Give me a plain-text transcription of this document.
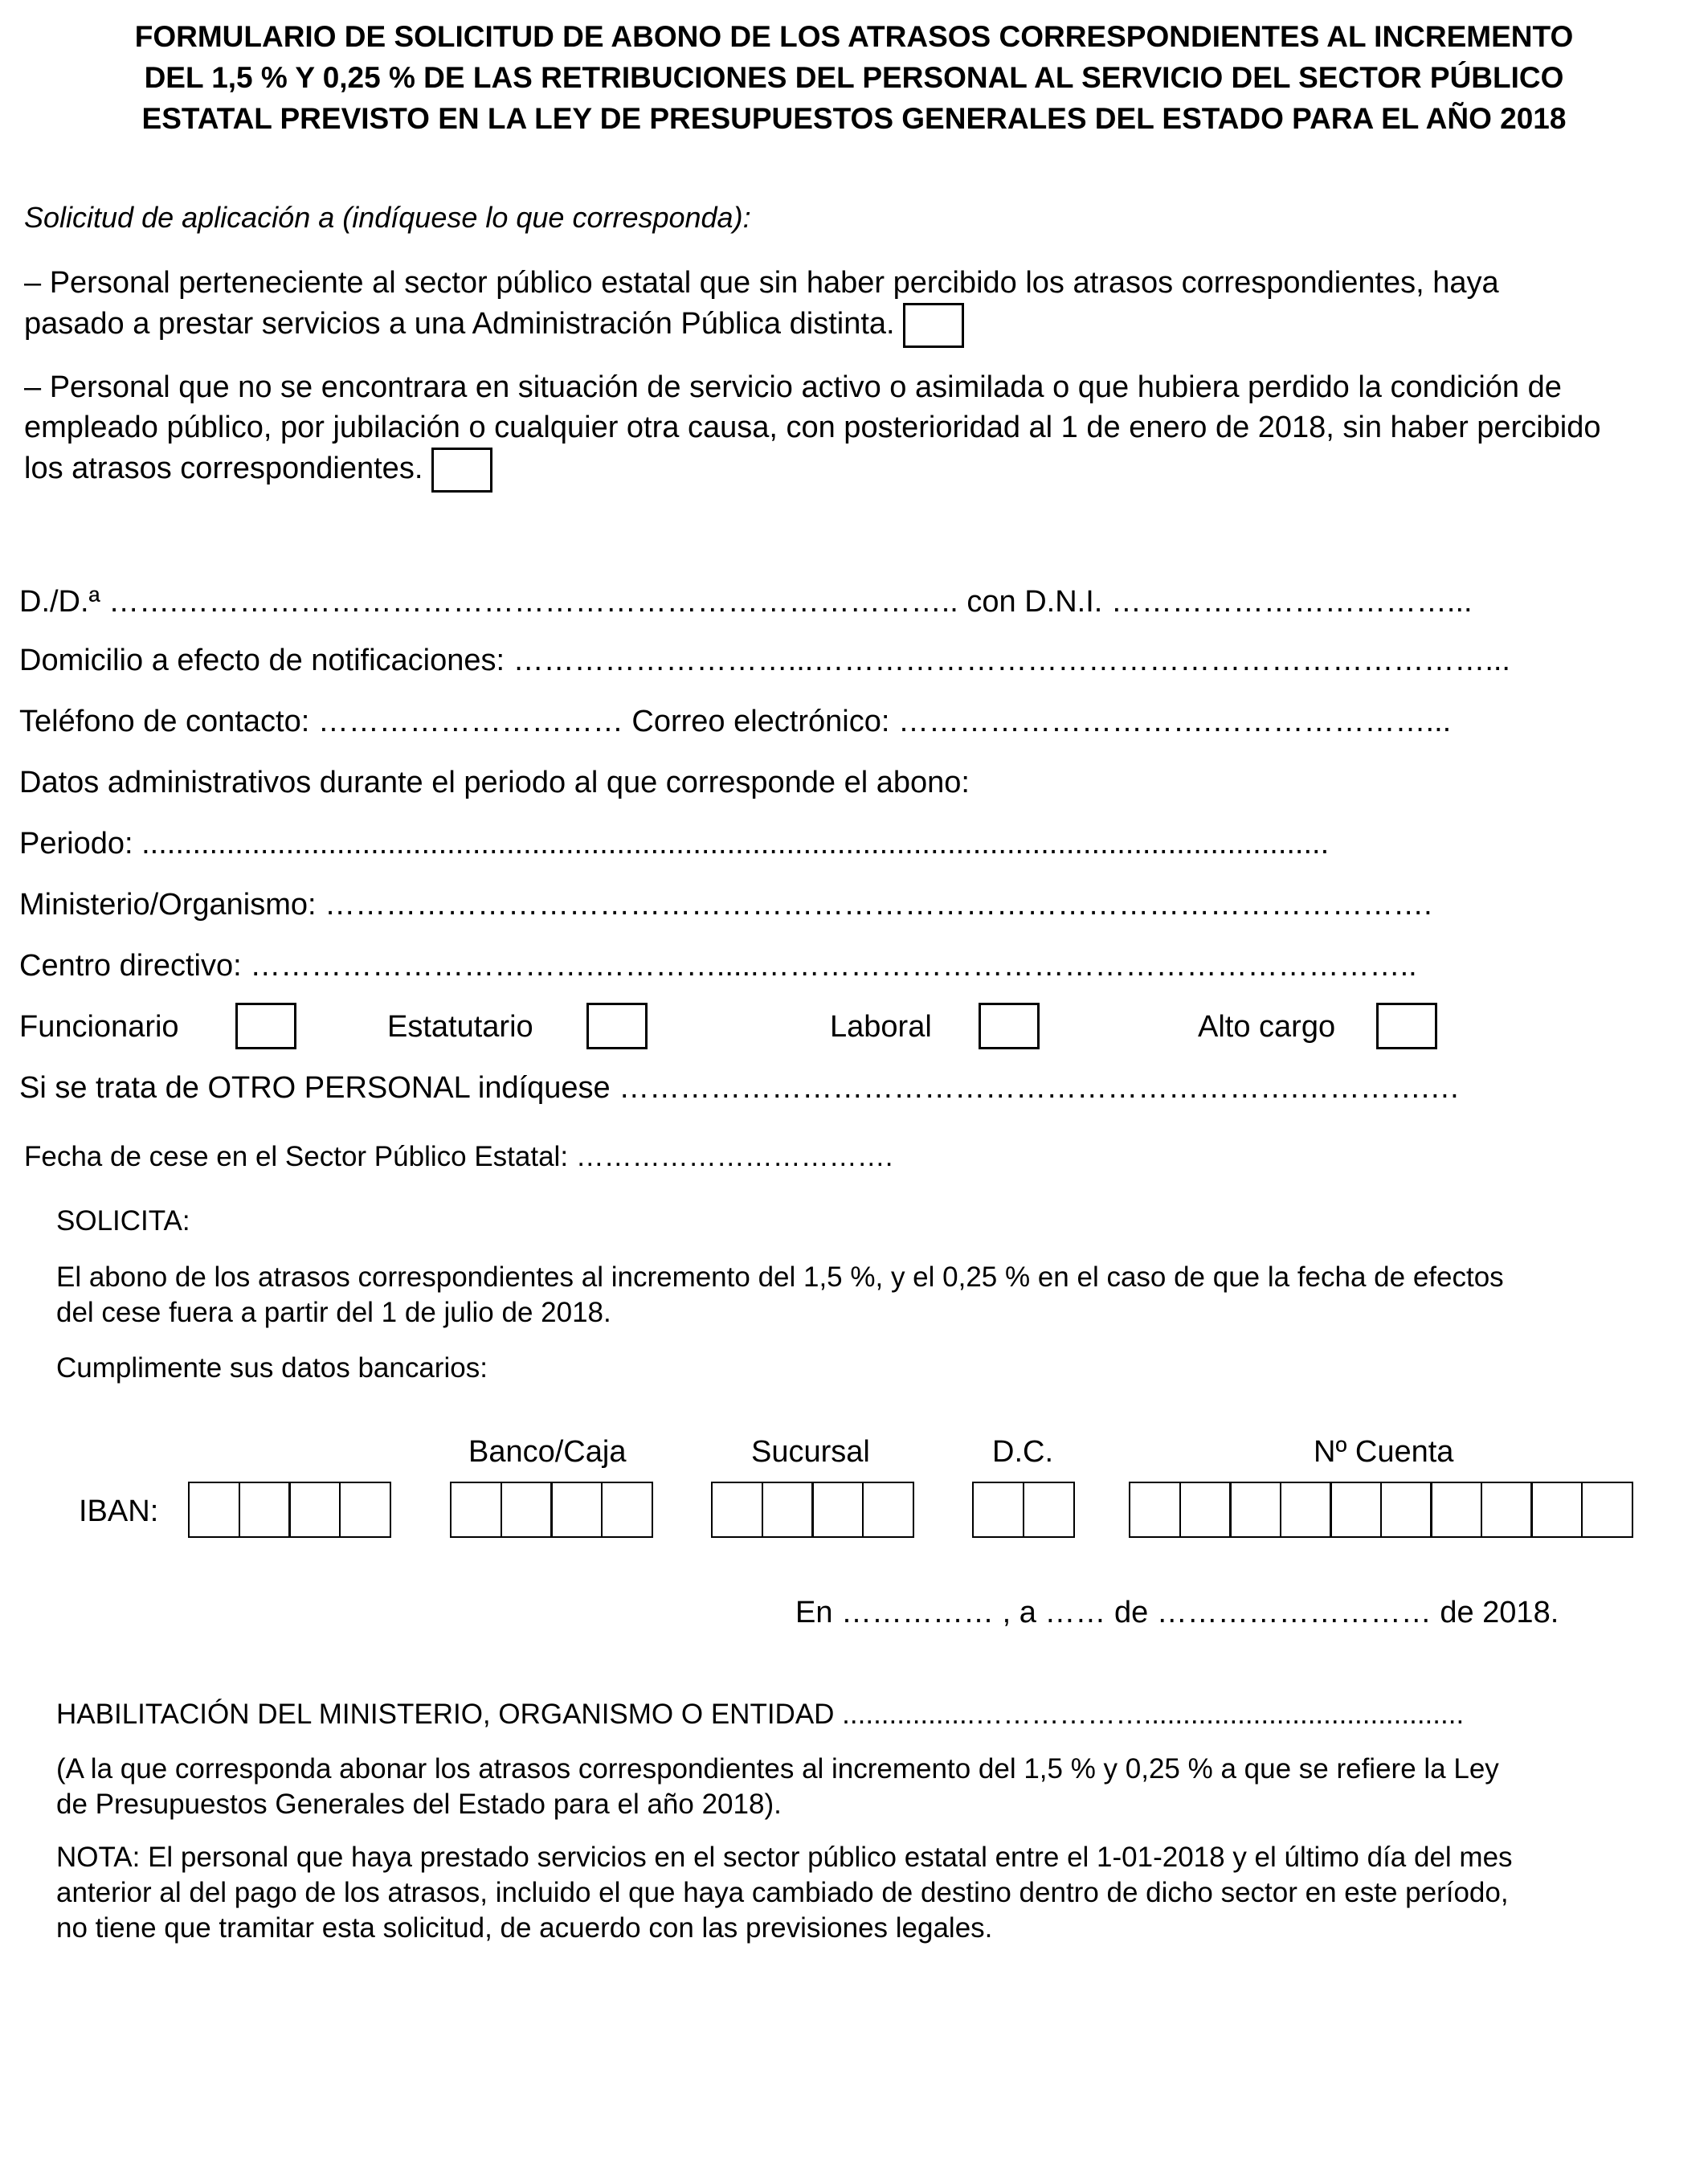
FORMULARIO DE SOLICITUD DE ABONO DE LOS ATRASOS CORRESPONDIENTES AL INCREMENTO
DEL 1,5 % Y 0,25 % DE LAS RETRIBUCIONES DEL PERSONAL AL SERVICIO DEL SECTOR PÚBLICO
ESTATAL PREVISTO EN LA LEY DE PRESUPUESTOS GENERALES DEL ESTADO PARA EL AÑO 2018
Solicitud de aplicación a (indíquese lo que corresponda):
– Personal perteneciente al sector público estatal que sin haber percibido los atrasos correspondientes, haya
pasado a prestar servicios a una Administración Pública distinta.
– Personal que no se encontrara en situación de servicio activo o asimilada o que hubiera perdido la condición de
empleado público, por jubilación o cualquier otra causa, con posterioridad al 1 de enero de 2018, sin haber percibido
los atrasos correspondientes.
D./D.ª …….………………………………………………………………….. con D.N.I. ……………………………...
Domicilio a efecto de notificaciones: ………………………...…………………………………………………………...
Teléfono de contacto: ………………………… Correo electrónico: ………………………….…………………...
Datos administrativos durante el periodo al que corresponde el abono:
Periodo: ............................................................................................................................................
Ministerio/Organismo: ……………………………………………………………………………………………….
Centro directivo: …………………………….………….....………………………………………………………..
Funcionario	Estatutario	Laboral	Alto cargo
Si se trata de OTRO PERSONAL indíquese ………………………………………………………….………….…
Fecha de cese en el Sector Público Estatal: …………………………….
SOLICITA:
El abono de los atrasos correspondientes al incremento del 1,5 %, y el 0,25 % en el caso de que la fecha de efectos
del cese fuera a partir del 1 de julio de 2018.
Cumplimente sus datos bancarios:
Banco/Caja	Sucursal	D.C.	Nº Cuenta
IBAN:
En …………… , a …… de ……………………… de 2018.
HABILITACIÓN DEL MINISTERIO, ORGANISMO O ENTIDAD .................……………….........................................
(A la que corresponda abonar los atrasos correspondientes al incremento del 1,5 % y 0,25 % a que se refiere la Ley
de Presupuestos Generales del Estado para el año 2018).
NOTA: El personal que haya prestado servicios en el sector público estatal entre el 1-01-2018 y el último día del mes
anterior al del pago de los atrasos, incluido el que haya cambiado de destino dentro de dicho sector en este período,
no tiene que tramitar esta solicitud, de acuerdo con las previsiones legales.
